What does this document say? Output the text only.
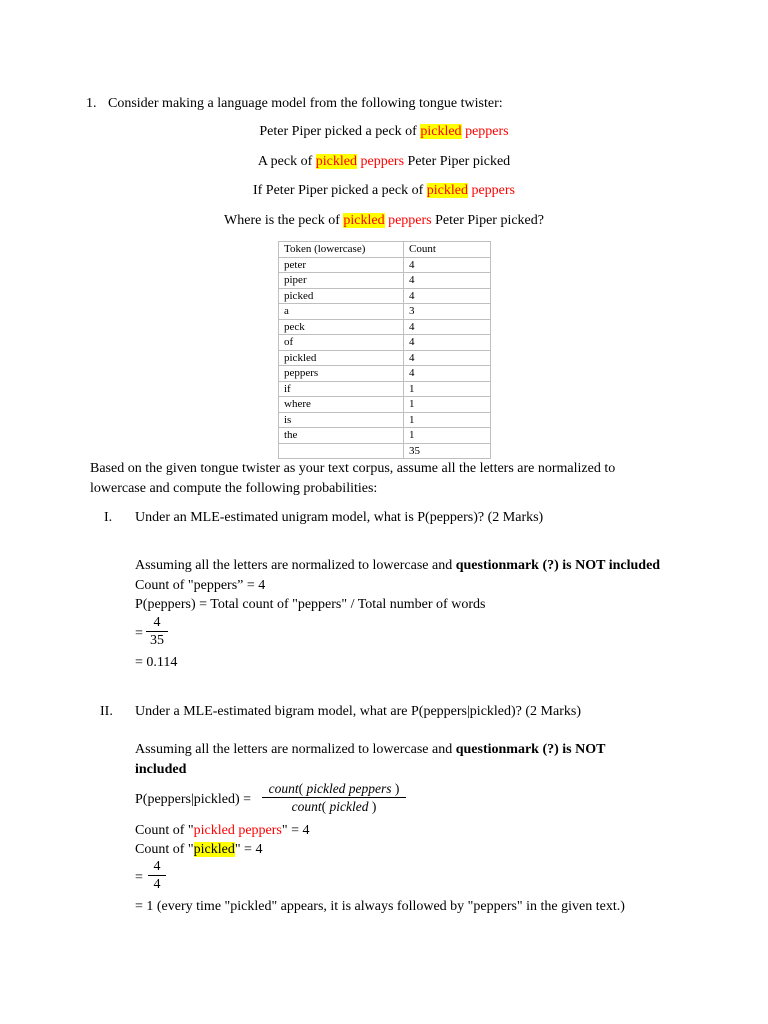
1. Consider making a language model from the following tongue twister:
Peter Piper picked a peck of pickled peppers
A peck of pickled peppers Peter Piper picked
If Peter Piper picked a peck of pickled peppers
Where is the peck of pickled peppers Peter Piper picked?
Token (lowercase)	Count
peter	4
piper	4
picked	4
a	3
peck	4
of	4
pickled	4
peppers	4
if	1
where	1
is	1
the	1
	35
Based on the given tongue twister as your text corpus, assume all the letters are normalized to
lowercase and compute the following probabilities:
I. Under an MLE-estimated unigram model, what is P(peppers)? (2 Marks)
Assuming all the letters are normalized to lowercase and questionmark (?) is NOT included
Count of "peppers” = 4
P(peppers) = Total count of "peppers" / Total number of words
=
4
35
= 0.114
II. Under a MLE-estimated bigram model, what are P(peppers|pickled)? (2 Marks)
Assuming all the letters are normalized to lowercase and questionmark (?) is NOT
included
P(peppers|pickled) =
count( pickled peppers )
count( pickled )
Count of "pickled peppers" = 4
Count of "pickled" = 4
=
4
4
= 1 (every time "pickled" appears, it is always followed by "peppers" in the given text.)
